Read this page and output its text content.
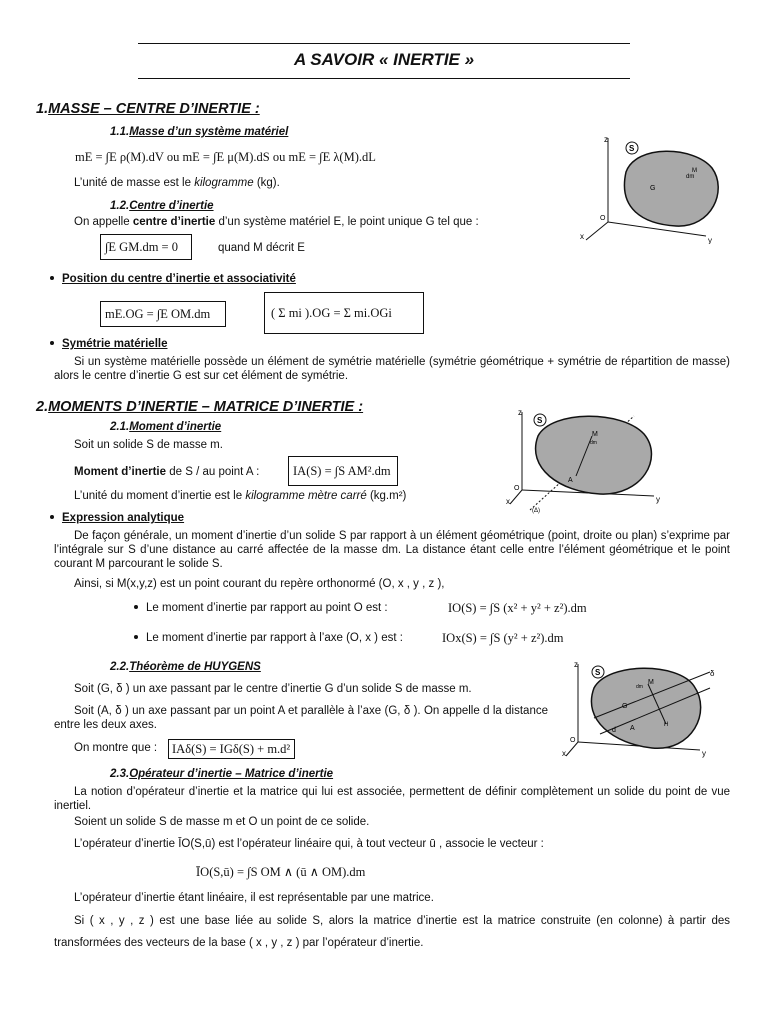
A SAVOIR « INERTIE »
1.MASSE – CENTRE D’INERTIE :
1.1.Masse d’un système matériel
mE = ∫E ρ(M).dV ou mE = ∫E μ(M).dS ou mE = ∫E λ(M).dL
L’unité de masse est le kilogramme (kg).
1.2.Centre d’inertie
On appelle centre d’inertie d’un système matériel E, le point unique G tel que :
∫E GM.dm = 0	quand M décrit E
Position du centre d’inertie et associativité
mE.OG = ∫E OM.dm	( Σ mi ).OG = Σ mi.OGi
Symétrie matérielle
Si un système matérielle possède un élément de symétrie matérielle (symétrie géométrique + symétrie de répartition de masse) alors le centre d’inertie G est sur cet élément de symétrie.
2.MOMENTS D’INERTIE – MATRICE D’INERTIE :
2.1.Moment d’inertie
Soit un solide S de masse m.
Moment d’inertie de S / au point A :	IA(S) = ∫S AM².dm
L’unité du moment d’inertie est le kilogramme mètre carré (kg.m²)
Expression analytique
De façon générale, un moment d’inertie d’un solide S par rapport à un élément géométrique (point, droite ou plan) s’exprime par l’intégrale sur S d’une distance au carré affectée de la masse dm. La distance étant celle entre l’élément géométrique et le point courant M parcourant le solide S.
Ainsi, si M(x,y,z) est un point courant du repère orthonormé (O, x , y , z ),
Le moment d’inertie par rapport au point O est :	IO(S) = ∫S (x² + y² + z²).dm
Le moment d’inertie par rapport à l’axe (O, x ) est :	IOx(S) = ∫S (y² + z²).dm
2.2.Théorème de HUYGENS
Soit (G, δ ) un axe passant par le centre d’inertie G d’un solide S de masse m.
Soit (A, δ ) un axe passant par un point A et parallèle à l’axe (G, δ ). On appelle d la distance entre les deux axes.
On montre que :	IAδ(S) = IGδ(S) + m.d²
2.3.Opérateur d’inertie – Matrice d’inertie
La notion d’opérateur d’inertie et la matrice qui lui est associée, permettent de définir complètement un solide du point de vue inertiel.
Soient un solide S de masse m et O un point de ce solide.
L’opérateur d’inertie ĪO(S,ū) est l’opérateur linéaire qui, à tout vecteur ū , associe le vecteur :
ĪO(S,ū) = ∫S OM ∧ (ū ∧ OM).dm
L’opérateur d’inertie étant linéaire, il est représentable par une matrice.
Si ( x , y , z ) est une base liée au solide S, alors la matrice d’inertie est la matrice construite (en colonne) à partir des transformées des vecteurs de la base ( x , y , z ) par l’opérateur d’inertie.
S
z
y
x
O
G
M
dm
S
z
y
x
O
A
M
dm
(Δ)
S
z
y
x
O
G
A
M
H
d
δ
dm
